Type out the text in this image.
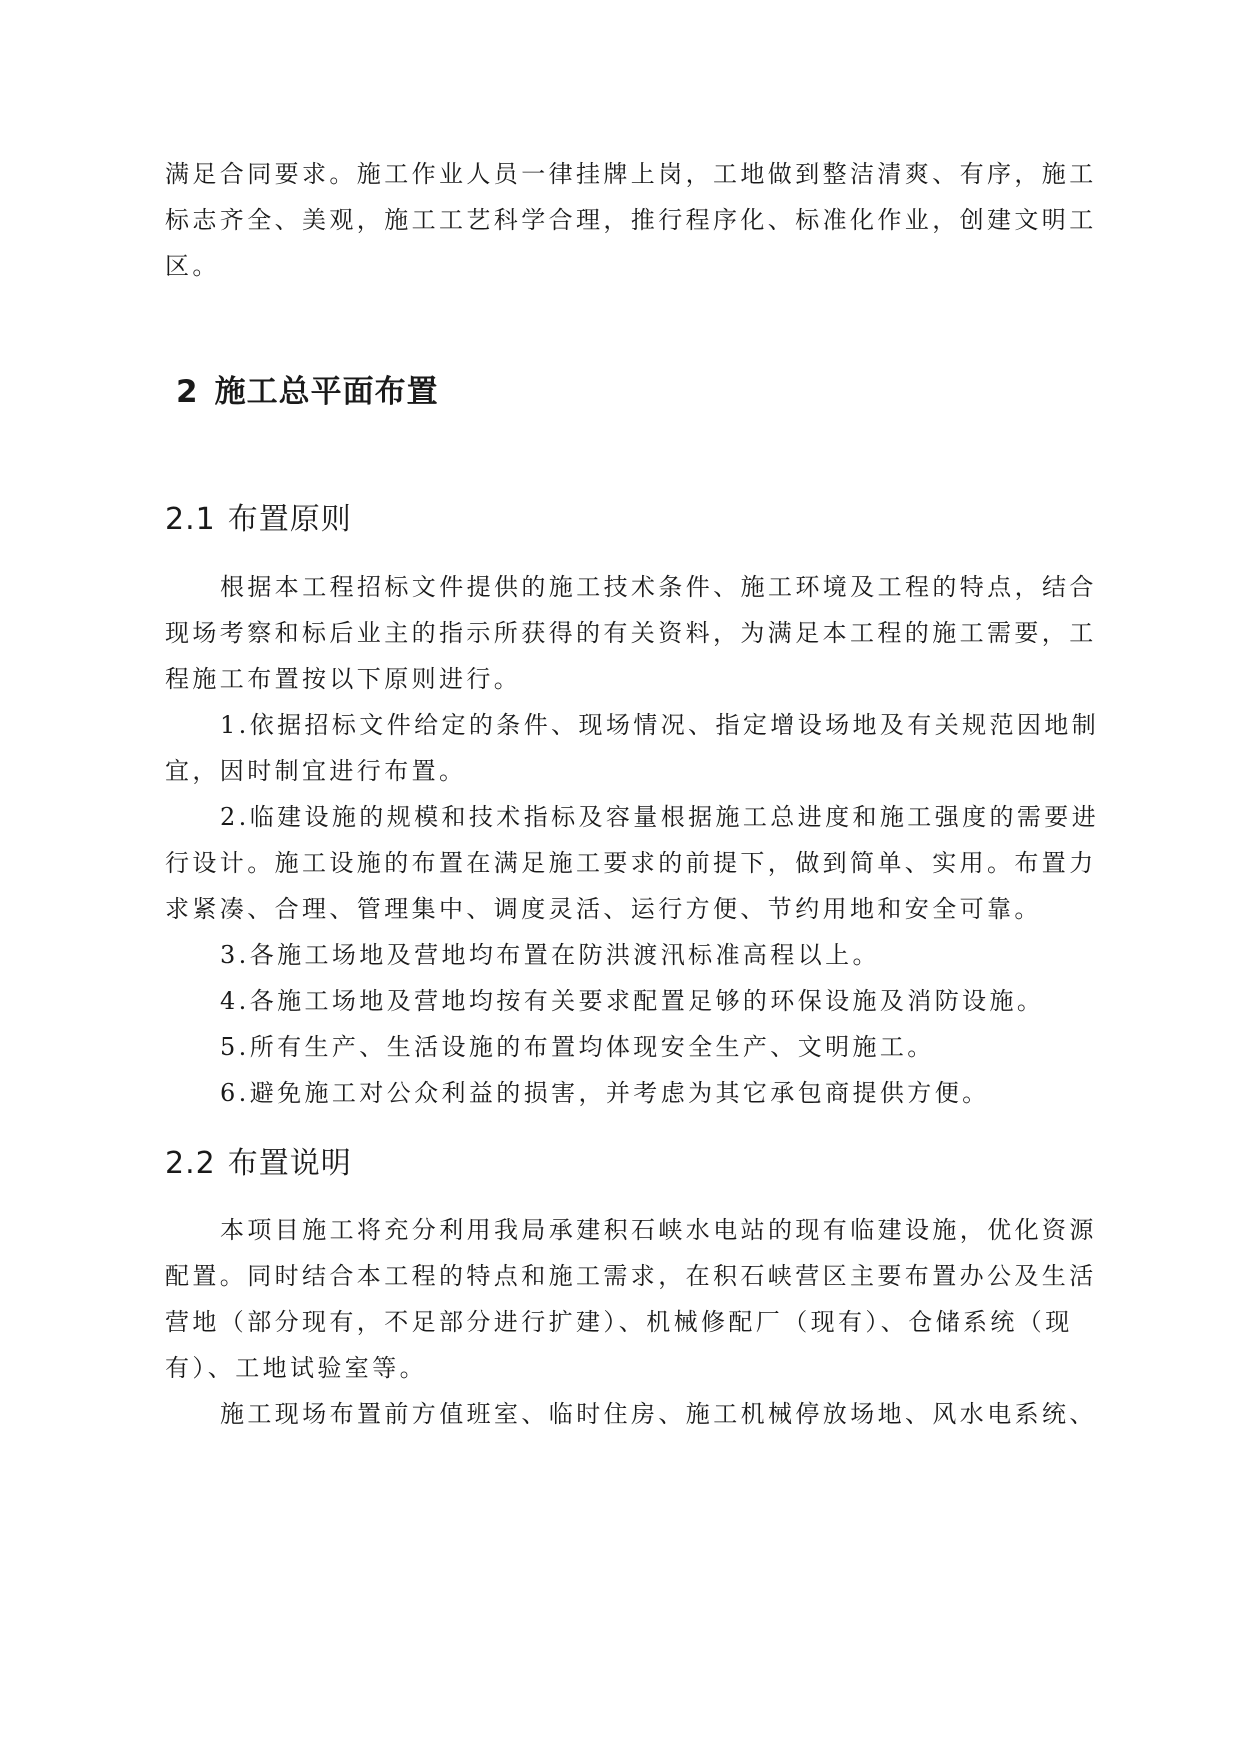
满足合同要求。施工作业人员一律挂牌上岗，工地做到整洁清爽、有序，施工
标志齐全、美观，施工工艺科学合理，推行程序化、标准化作业，创建文明工
区。
2 施工总平面布置
2.1 布置原则
根据本工程招标文件提供的施工技术条件、施工环境及工程的特点，结合
现场考察和标后业主的指示所获得的有关资料，为满足本工程的施工需要，工
程施工布置按以下原则进行。
1.依据招标文件给定的条件、现场情况、指定增设场地及有关规范因地制
宜，因时制宜进行布置。
2.临建设施的规模和技术指标及容量根据施工总进度和施工强度的需要进
行设计。施工设施的布置在满足施工要求的前提下，做到简单、实用。布置力
求紧凑、合理、管理集中、调度灵活、运行方便、节约用地和安全可靠。
3.各施工场地及营地均布置在防洪渡汛标准高程以上。
4.各施工场地及营地均按有关要求配置足够的环保设施及消防设施。
5.所有生产、生活设施的布置均体现安全生产、文明施工。
6.避免施工对公众利益的损害，并考虑为其它承包商提供方便。
2.2 布置说明
本项目施工将充分利用我局承建积石峡水电站的现有临建设施，优化资源
配置。同时结合本工程的特点和施工需求，在积石峡营区主要布置办公及生活
营地（部分现有，不足部分进行扩建）、机械修配厂（现有）、仓储系统（现
有）、工地试验室等。
施工现场布置前方值班室、临时住房、施工机械停放场地、风水电系统、
